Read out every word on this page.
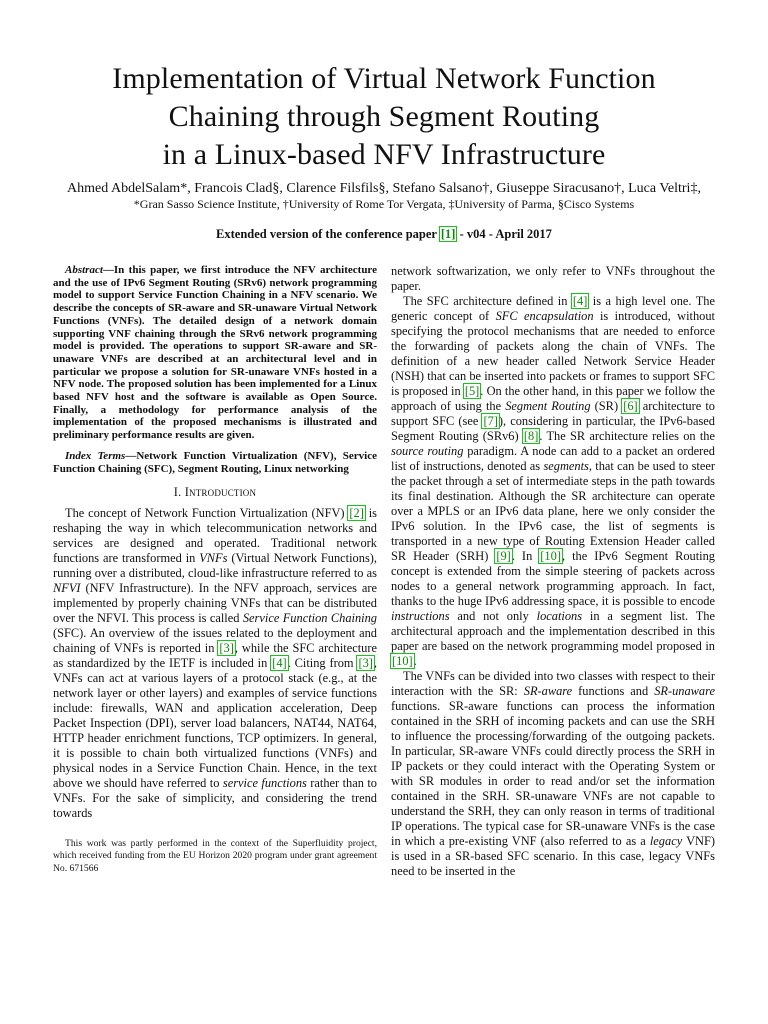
Implementation of Virtual Network Function
Chaining through Segment Routing
in a Linux-based NFV Infrastructure
Ahmed AbdelSalam*, Francois Clad§, Clarence Filsfils§, Stefano Salsano†, Giuseppe Siracusano†, Luca Veltri‡,
*Gran Sasso Science Institute, †University of Rome Tor Vergata, ‡University of Parma, §Cisco Systems
Extended version of the conference paper [1] - v04 - April 2017

Abstract—In this paper, we first introduce the NFV architecture and the use of IPv6 Segment Routing (SRv6) network programming model to support Service Function Chaining in a NFV scenario. We describe the concepts of SR-aware and SR-unaware Virtual Network Functions (VNFs). The detailed design of a network domain supporting VNF chaining through the SRv6 network programming model is provided. The operations to support SR-aware and SR-unaware VNFs are described at an architectural level and in particular we propose a solution for SR-unaware VNFs hosted in a NFV node. The proposed solution has been implemented for a Linux based NFV host and the software is available as Open Source. Finally, a methodology for performance analysis of the implementation of the proposed mechanisms is illustrated and preliminary performance results are given.

Index Terms—Network Function Virtualization (NFV), Service Function Chaining (SFC), Segment Routing, Linux networking

I. Introduction

The concept of Network Function Virtualization (NFV) [2] is reshaping the way in which telecommunication networks and services are designed and operated. Traditional network functions are transformed in VNFs (Virtual Network Functions), running over a distributed, cloud-like infrastructure referred to as NFVI (NFV Infrastructure). In the NFV approach, services are implemented by properly chaining VNFs that can be distributed over the NFVI. This process is called Service Function Chaining (SFC). An overview of the issues related to the deployment and chaining of VNFs is reported in [3], while the SFC architecture as standardized by the IETF is included in [4]. Citing from [3], VNFs can act at various layers of a protocol stack (e.g., at the network layer or other layers) and examples of service functions include: firewalls, WAN and application acceleration, Deep Packet Inspection (DPI), server load balancers, NAT44, NAT64, HTTP header enrichment functions, TCP optimizers. In general, it is possible to chain both virtualized functions (VNFs) and physical nodes in a Service Function Chain. Hence, in the text above we should have referred to service functions rather than to VNFs. For the sake of simplicity, and considering the trend towards

This work was partly performed in the context of the Superfluidity project, which received funding from the EU Horizon 2020 program under grant agreement No. 671566

network softwarization, we only refer to VNFs throughout the paper.

The SFC architecture defined in [4] is a high level one. The generic concept of SFC encapsulation is introduced, without specifying the protocol mechanisms that are needed to enforce the forwarding of packets along the chain of VNFs. The definition of a new header called Network Service Header (NSH) that can be inserted into packets or frames to support SFC is proposed in [5]. On the other hand, in this paper we follow the approach of using the Segment Routing (SR) [6] architecture to support SFC (see [7]), considering in particular, the IPv6-based Segment Routing (SRv6) [8]. The SR architecture relies on the source routing paradigm. A node can add to a packet an ordered list of instructions, denoted as segments, that can be used to steer the packet through a set of intermediate steps in the path towards its final destination. Although the SR architecture can operate over a MPLS or an IPv6 data plane, here we only consider the IPv6 solution. In the IPv6 case, the list of segments is transported in a new type of Routing Extension Header called SR Header (SRH) [9]. In [10], the IPv6 Segment Routing concept is extended from the simple steering of packets across nodes to a general network programming approach. In fact, thanks to the huge IPv6 addressing space, it is possible to encode instructions and not only locations in a segment list. The architectural approach and the implementation described in this paper are based on the network programming model proposed in [10].

The VNFs can be divided into two classes with respect to their interaction with the SR: SR-aware functions and SR-unaware functions. SR-aware functions can process the information contained in the SRH of incoming packets and can use the SRH to influence the processing/forwarding of the outgoing packets. In particular, SR-aware VNFs could directly process the SRH in IP packets or they could interact with the Operating System or with SR modules in order to read and/or set the information contained in the SRH. SR-unaware VNFs are not capable to understand the SRH, they can only reason in terms of traditional IP operations. The typical case for SR-unaware VNFs is the case in which a pre-existing VNF (also referred to as a legacy VNF) is used in a SR-based SFC scenario. In this case, legacy VNFs need to be inserted in the
